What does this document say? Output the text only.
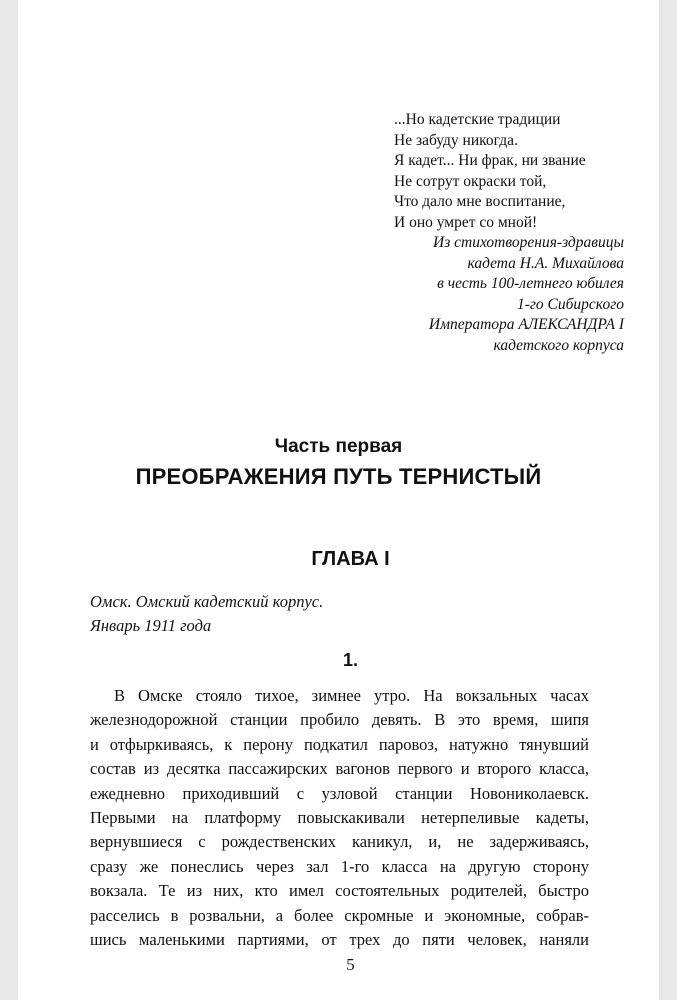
...Но кадетские традиции
Не забуду никогда.
Я кадет... Ни фрак, ни звание
Не сотрут окраски той,
Что дало мне воспитание,
И оно умрет со мной!
Из стихотворения-здравицы
кадета Н.А. Михайлова
в честь 100-летнего юбилея
1-го Сибирского
Императора АЛЕКСАНДРА I
кадетского корпуса
Часть первая
ПРЕОБРАЖЕНИЯ ПУТЬ ТЕРНИСТЫЙ
ГЛАВА I
Омск. Омский кадетский корпус.
Январь 1911 года
1.
В Омске стояло тихое, зимнее утро. На вокзальных часах
железнодорожной станции пробило девять. В это время, шипя
и отфыркиваясь, к перону подкатил паровоз, натужно тянувший
состав из десятка пассажирских вагонов первого и второго класса,
ежедневно приходивший с узловой станции Новониколаевск.
Первыми на платформу повыскакивали нетерпеливые кадеты,
вернувшиеся с рождественских каникул, и, не задерживаясь,
сразу же понеслись через зал 1-го класса на другую сторону
вокзала. Те из них, кто имел состоятельных родителей, быстро
расселись в розвальни, а более скромные и экономные, собрав-
шись маленькими партиями, от трех до пяти человек, наняли
5
